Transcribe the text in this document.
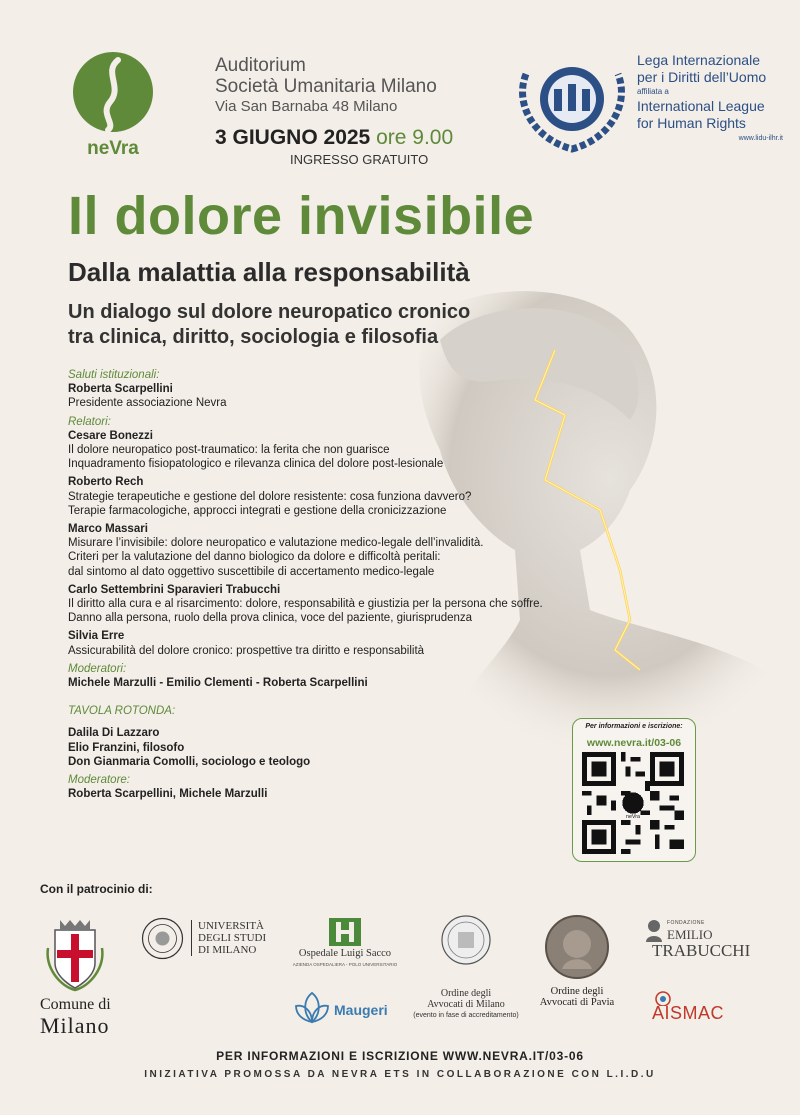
neVra
Auditorium
Società Umanitaria Milano
Via San Barnaba 48 Milano
3 GIUGNO 2025 ore 9.00
INGRESSO GRATUITO
Lega Internazionale
per i Diritti dell’Uomo
affiliata a
International League
for Human Rights
www.lidu-ilhr.it
Il dolore invisibile
Dalla malattia alla responsabilità
Un dialogo sul dolore neuropatico cronico
tra clinica, diritto, sociologia e filosofia
Saluti istituzionali:
Roberta Scarpellini
Presidente associazione Nevra
Relatori:
Cesare Bonezzi
Il dolore neuropatico post-traumatico: la ferita che non guarisce
Inquadramento fisiopatologico e rilevanza clinica del dolore post-lesionale
Roberto Rech
Strategie terapeutiche e gestione del dolore resistente: cosa funziona davvero?
Terapie farmacologiche, approcci integrati e gestione della cronicizzazione
Marco Massari
Misurare l’invisibile: dolore neuropatico e valutazione medico-legale dell’invalidità.
Criteri per la valutazione del danno biologico da dolore e difficoltà peritali:
dal sintomo al dato oggettivo suscettibile di accertamento medico-legale
Carlo Settembrini Sparavieri Trabucchi
Il diritto alla cura e al risarcimento: dolore, responsabilità e giustizia per la persona che soffre.
Danno alla persona, ruolo della prova clinica, voce del paziente, giurisprudenza
Silvia Erre
Assicurabilità del dolore cronico: prospettive tra diritto e responsabilità
Moderatori:
Michele Marzulli - Emilio Clementi - Roberta Scarpellini
TAVOLA ROTONDA:
Dalila Di Lazzaro
Elio Franzini, filosofo
Don Gianmaria Comolli, sociologo e teologo
Moderatore:
Roberta Scarpellini, Michele Marzulli
Per informazioni e iscrizione:
www.nevra.it/03-06
neVra
Con il patrocinio di:
Comune di
Milano
UNIVERSITÀ
DEGLI STUDI
DI MILANO	Ospedale Luigi Sacco
AZIENDA OSPEDALIERA - POLO UNIVERSITARIO
Ordine degli
Avvocati di Milano
(evento in fase di accreditamento)
Ordine degli
Avvocati di Pavia
FONDAZIONE
EMILIO
TRABUCCHI
Maugeri	AISMAC
PER INFORMAZIONI E ISCRIZIONE WWW.NEVRA.IT/03-06
INIZIATIVA PROMOSSA DA NEVRA ETS IN COLLABORAZIONE CON L.I.D.U
